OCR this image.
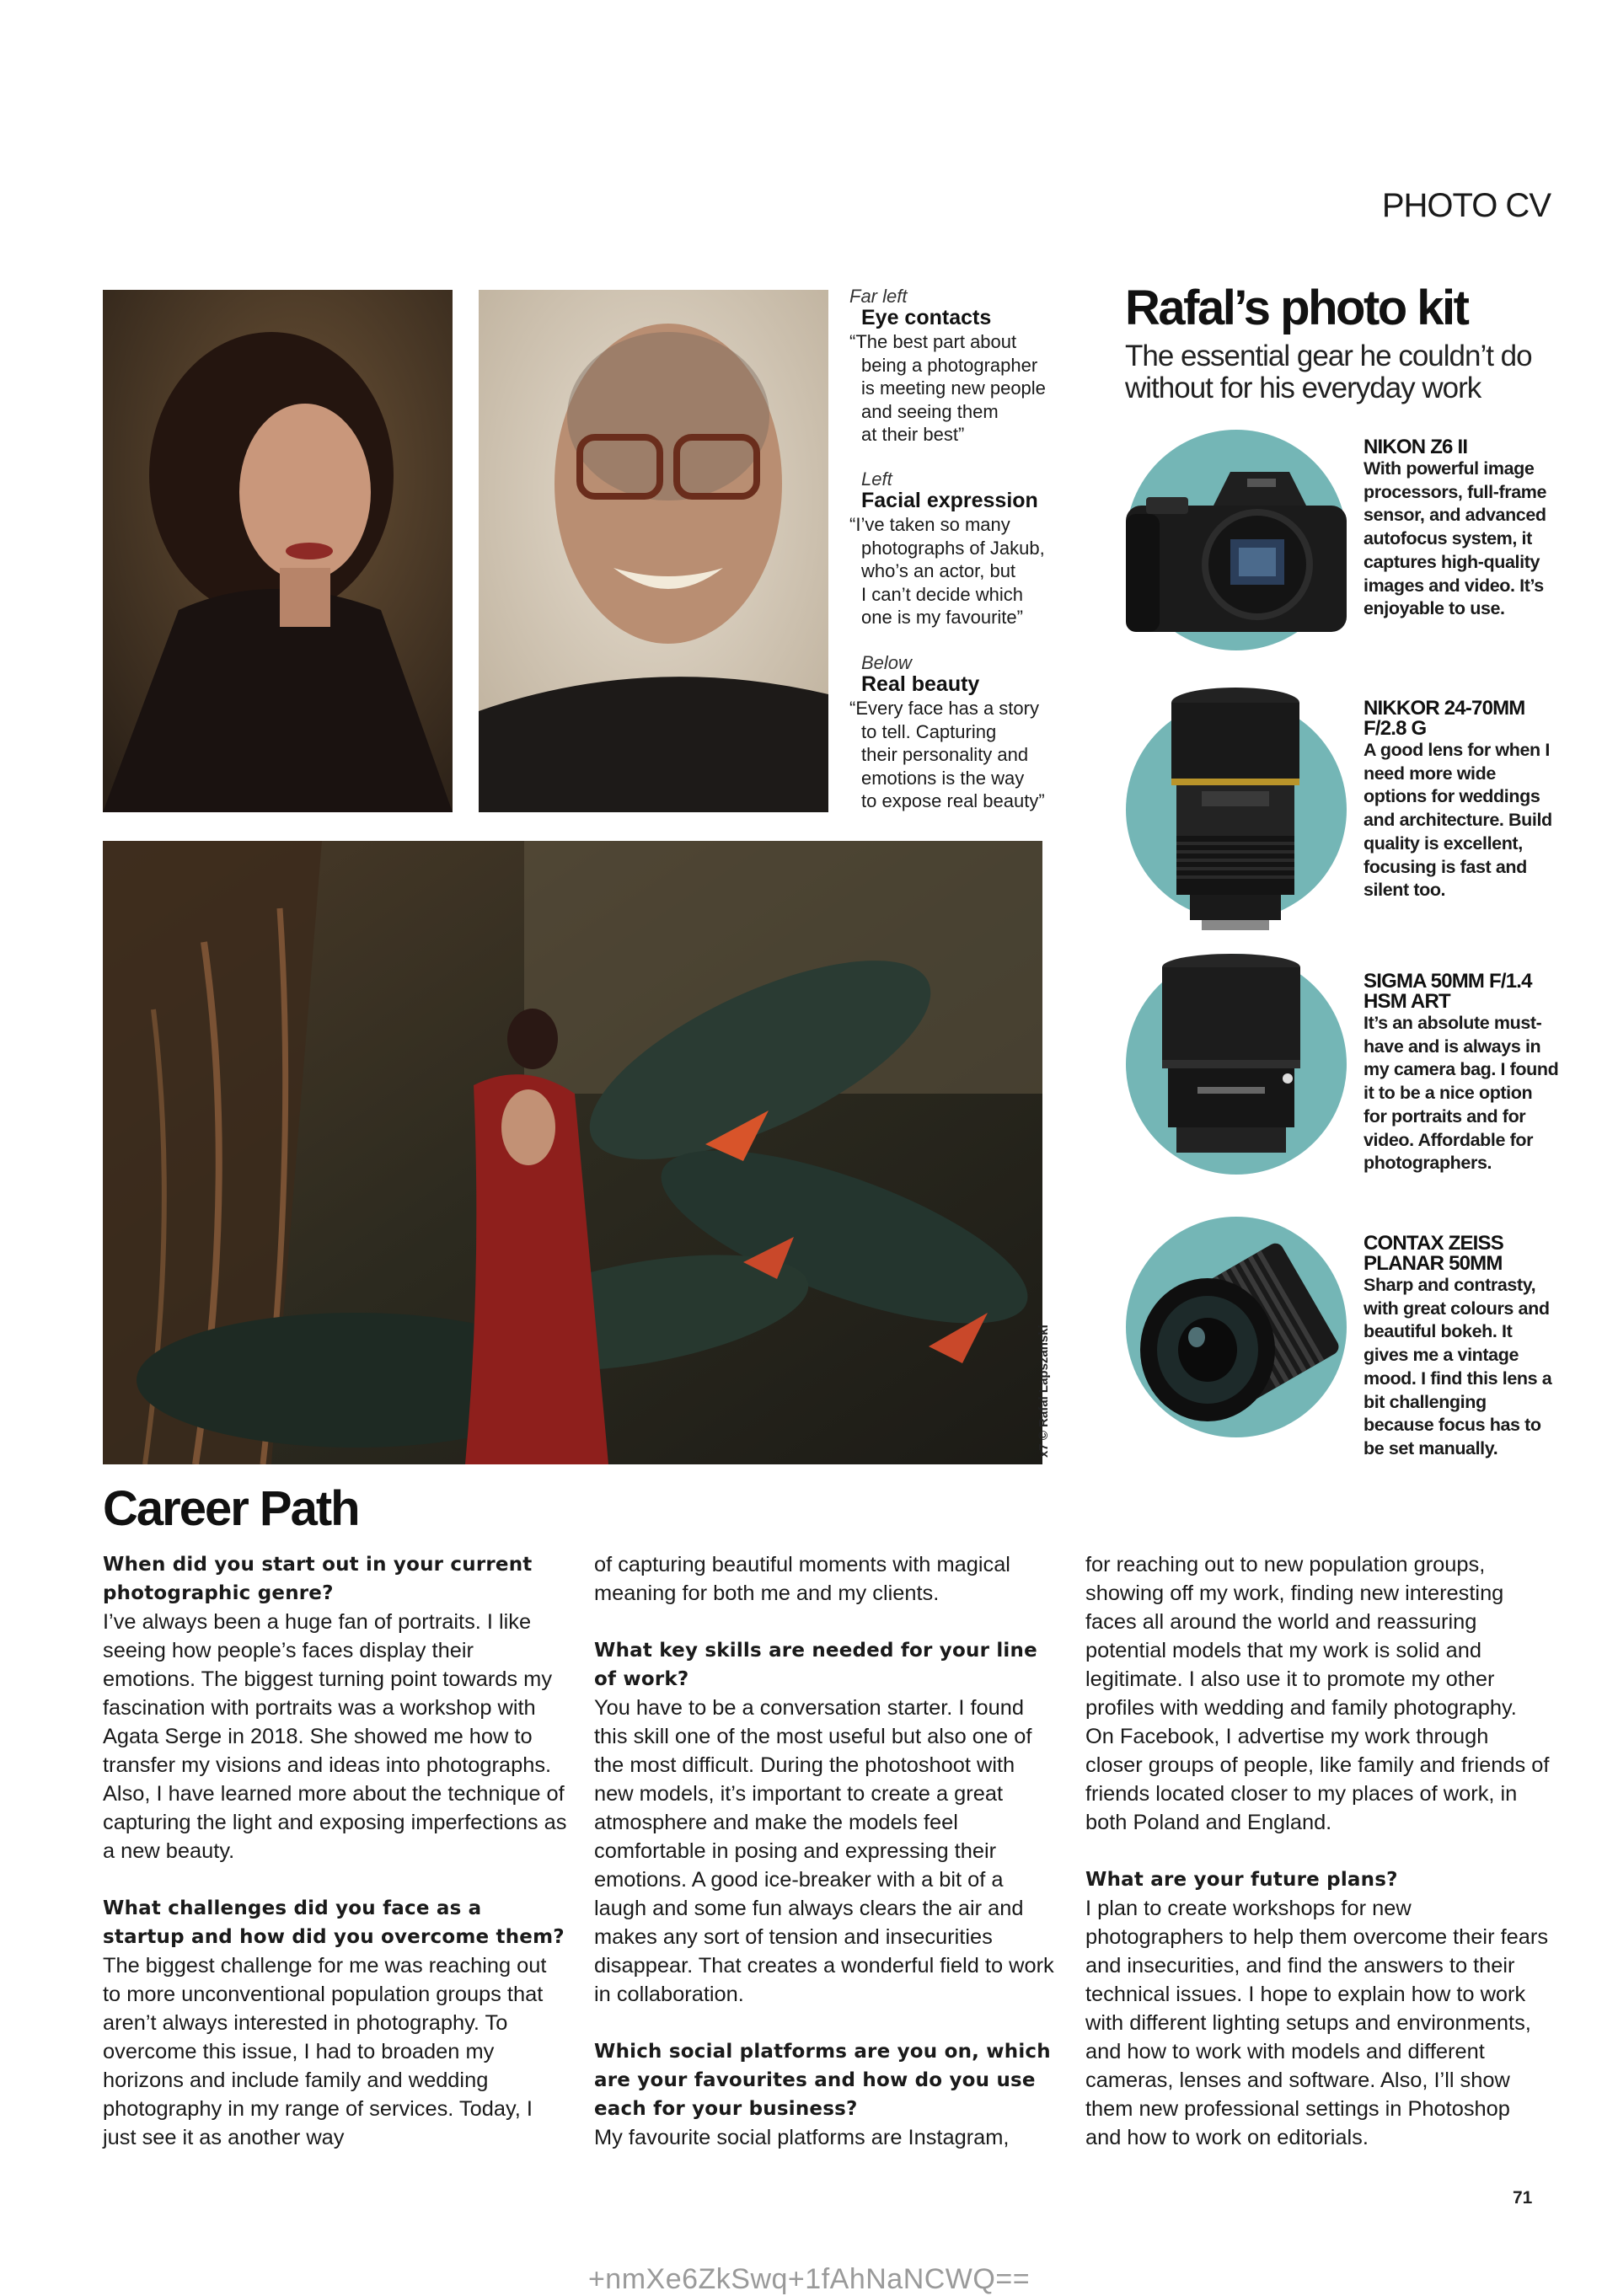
PHOTO CV
Far left
Eye contacts
“The best part about
being a photographer
is meeting new people
and seeing them
at their best”
Left
Facial expression
“I’ve taken so many
photographs of Jakub,
who’s an actor, but
I can’t decide which
one is my favourite”
Below
Real beauty
“Every face has a story
to tell. Capturing
their personality and
emotions is the way
to expose real beauty”
x7 © Rafal Lapszanski
Rafal’s photo kit
The essential gear he couldn’t do without for his everyday work
NIKON Z6 II
With powerful image processors, full-frame sensor, and advanced autofocus system, it captures high-quality images and video. It’s enjoyable to use.
NIKKOR 24-70MM F/2.8 G
A good lens for when I need more wide options for weddings and architecture. Build quality is excellent, focusing is fast and silent too.
SIGMA 50MM F/1.4 HSM ART
It’s an absolute must-have and is always in my camera bag. I found it to be a nice option for portraits and for video. Affordable for photographers.
CONTAX ZEISS PLANAR 50MM
Sharp and contrasty, with great colours and beautiful bokeh. It gives me a vintage mood. I find this lens a bit challenging because focus has to be set manually.
Career Path

When did you start out in your current photographic genre?

I’ve always been a huge fan of portraits. I like seeing how people’s faces display their emotions. The biggest turning point towards my fascination with portraits was a workshop with Agata Serge in 2018. She showed me how to transfer my visions and ideas into photographs. Also, I have learned more about the technique of capturing the light and exposing imperfections as a new beauty.

What challenges did you face as a startup and how did you overcome them?

The biggest challenge for me was reaching out to more unconventional population groups that aren’t always interested in photography. To overcome this issue, I had to broaden my horizons and include family and wedding photography in my range of services. Today, I just see it as another way

of capturing beautiful moments with magical meaning for both me and my clients.

What key skills are needed for your line of work?

You have to be a conversation starter. I found this skill one of the most useful but also one of the most difficult. During the photoshoot with new models, it’s important to create a great atmosphere and make the models feel comfortable in posing and expressing their emotions. A good ice-breaker with a bit of a laugh and some fun always clears the air and makes any sort of tension and insecurities disappear. That creates a wonderful field to work in collaboration.

Which social platforms are you on, which are your favourites and how do you use each for your business?

My favourite social platforms are Instagram,

for reaching out to new population groups, showing off my work, finding new interesting faces all around the world and reassuring potential models that my work is solid and legitimate. I also use it to promote my other profiles with wedding and family photography. On Facebook, I advertise my work through closer groups of people, like family and friends of friends located closer to my places of work, in both Poland and England.

What are your future plans?

I plan to create workshops for new photographers to help them overcome their fears and insecurities, and find the answers to their technical issues. I hope to explain how to work with different lighting setups and environments, and how to work with models and different cameras, lenses and software. Also, I’ll show them new professional settings in Photoshop and how to work on editorials.

71
+nmXe6ZkSwq+1fAhNaNCWQ==
